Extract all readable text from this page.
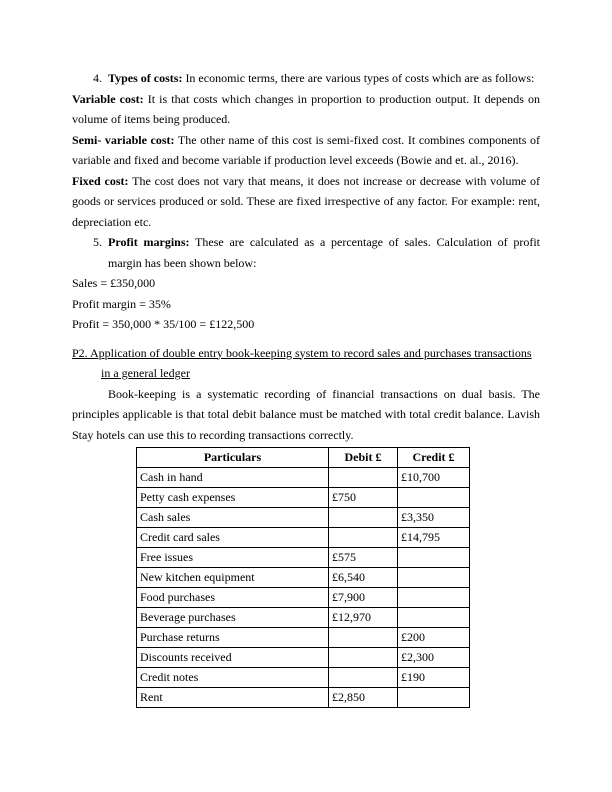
4. Types of costs: In economic terms, there are various types of costs which are as follows:

Variable cost: It is that costs which changes in proportion to production output. It depends on volume of items being produced.

Semi- variable cost: The other name of this cost is semi-fixed cost. It combines components of variable and fixed and become variable if production level exceeds (Bowie and et. al., 2016).

Fixed cost: The cost does not vary that means, it does not increase or decrease with volume of goods or services produced or sold. These are fixed irrespective of any factor. For example: rent, depreciation etc.

5. Profit margins: These are calculated as a percentage of sales. Calculation of profit margin has been shown below:

Sales = £350,000

Profit margin = 35%

Profit = 350,000 * 35/100 = £122,500

P2. Application of double entry book-keeping system to record sales and purchases transactions
in a general ledger

Book-keeping is a systematic recording of financial transactions on dual basis. The principles applicable is that total debit balance must be matched with total credit balance. Lavish Stay hotels can use this to recording transactions correctly.

Particulars	Debit £	Credit £
Cash in hand		£10,700
Petty cash expenses	£750	
Cash sales		£3,350
Credit card sales		£14,795
Free issues	£575	
New kitchen equipment	£6,540	
Food purchases	£7,900	
Beverage purchases	£12,970	
Purchase returns		£200
Discounts received		£2,300
Credit notes		£190
Rent	£2,850	
